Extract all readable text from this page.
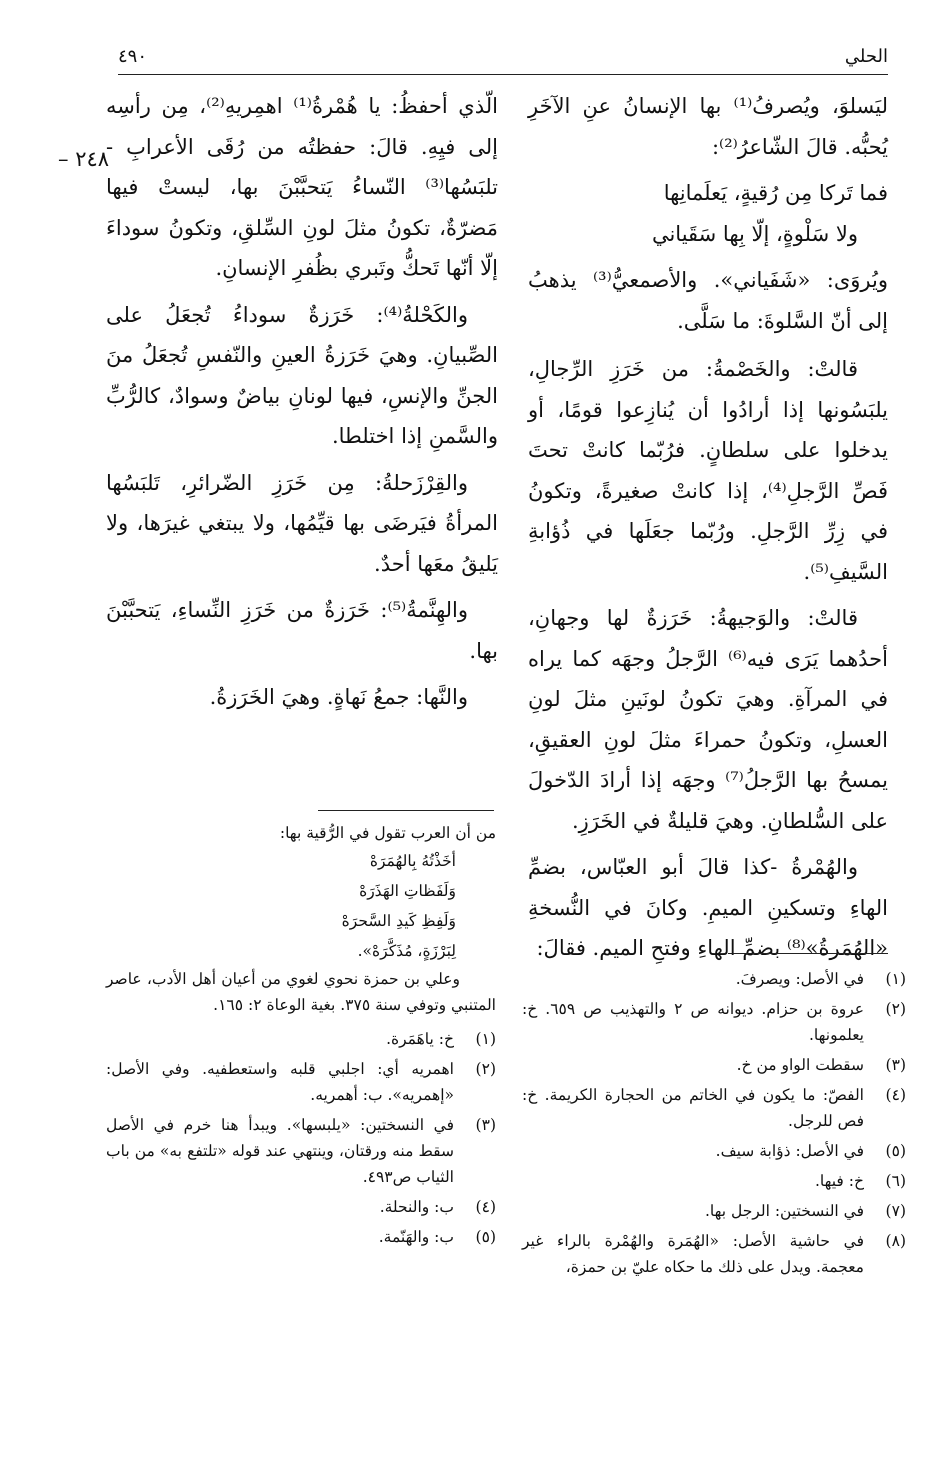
الحلي
٤٩٠
٢٤٨ –

ليَسلوَ، ويُصرفُ⁽¹⁾ بها الإنسانُ عنِ الآخَرِ يُحبُّه. قالَ الشّاعرُ⁽²⁾:

فما تَركا مِن رُقيةٍ، يَعلَمانِها

ولا سَلْوةٍ، إلّا بِها سَقَياني

ويُروَى: «شَفَياني». والأصمعيُّ⁽³⁾ يذهبُ إلى أنّ السَّلوةَ: ما سَلَّى.

قالتْ: والخَصْمةُ: من خَرَزِ الرِّجالِ، يلبَسُونها إذا أرادُوا أن يُنازِعوا قومًا، أو يدخلوا على سلطانٍ. فرُبّما كانتْ تحتَ فَصِّ الرَّجلِ⁽⁴⁾، إذا كانتْ صغيرةً، وتكونُ في زِرِّ الرَّجلِ. ورُبّما جعَلَها في ذُؤابةِ السَّيفِ⁽⁵⁾.

قالتْ: والوَجيهةُ: خَرَزةٌ لها وجهانِ، أحدُهما يَرَى فيه⁽⁶⁾ الرَّجلُ وجهَه كما يراه في المرآةِ. وهيَ تكونُ لونَينِ مثلَ لونِ العسلِ، وتكونُ حمراءَ مثلَ لونِ العقيقِ، يمسحُ بها الرَّجلُ⁽⁷⁾ وجهَه إذا أرادَ الدّخولَ على السُّلطانِ. وهيَ قليلةٌ في الخَرَزِ.

والهُمْرةُ -كذا قالَ أبو العبّاس، بضمِّ الهاءِ وتسكينِ الميمِ. وكانَ في النُّسخةِ «الهُمَرةُ»⁽⁸⁾ بضمِّ الهاءِ وفتحِ الميم. فقالَ:

الّذي أحفظُ: يا هُمْرةُ⁽¹⁾ اهمِريهِ⁽²⁾، مِن رأسِه إلى فيِهِ. قالَ: حفظتُه من رُقَى الأعرابِ - تلبَسُها⁽³⁾ النّساءُ يَتحبَّبْنَ بها، ليستْ فيها مَضرّةٌ، تكونُ مثلَ لونِ السِّلقِ، وتكونُ سوداءَ إلّا أنّها تَحكُّ وتَبري بظُفرِ الإنسانِ.

والكَحْلةُ⁽⁴⁾: خَرَزةٌ سوداءُ تُجعَلُ على الصِّبيانِ. وهيَ خَرَزةُ العينِ والنّفسِ تُجعَلُ منَ الجنِّ والإنسِ، فيها لونانِ بياضٌ وسوادٌ، كالرُّبِّ والسَّمنِ إذا اختلطا.

والقِرْزَحلةُ: مِن خَرَزِ الضّرائرِ، تَلبَسُها المرأةُ فيَرضَى بها قيِّمُها، ولا يبتغي غيرَها، ولا يَليقُ معَها أحدٌ.

والهِنَّمةُ⁽⁵⁾: خَرَزةٌ من خَرَزِ النِّساءِ، يَتحبَّبْنَ بها.

والنَّها: جمعُ نَهاةٍ. وهيَ الخَرَزةُ.

(١)
في الأصل: ويصرفَ.
(٢)
عروة بن حزام. ديوانه ص ٢ والتهذيب ص ٦٥٩. خ: يعلمونها.
(٣)
سقطت الواو من خ.
(٤)
الفصّ: ما يكون في الخاتم من الحجارة الكريمة. خ: فص للرجل.
(٥)
في الأصل: ذؤابة سيف.
(٦)
خ: فيها.
(٧)
في النسختين: الرجل بها.
(٨)
في حاشية الأصل: «الهُمَرة والهُمْرة بالراء غير معجمة. ويدل على ذلك ما حكاه عليّ بن حمزة،

من أن العرب تقول في الرُّقية بها:

أخَذْتُهُ بِالهُمَرَهْ
وَلَفَظاتِ الهَذَرَهْ
وَلَفِظِ كَيدِ السَّحرَهْ
لِبَرْزَةٍ، مُذَكَّرَهْ».

وعلي بن حمزة نحوي لغوي من أعيان أهل الأدب، عاصر المتنبي وتوفي سنة ٣٧٥. بغية الوعاة ٢: ١٦٥.

(١)
خ: ياهَمَرة.
(٢)
اهمريه أي: اجلبي قلبه واستعطفيه. وفي الأصل: «إهمريه». ب: أهمريه.
(٣)
في النسختين: «يلبسها». ويبدأ هنا خرم في الأصل سقط منه ورقتان، وينتهي عند قوله «تلتفع به» من باب الثياب ص٤٩٣.
(٤)
ب: والنحلة.
(٥)
ب: والهَنّمة.
